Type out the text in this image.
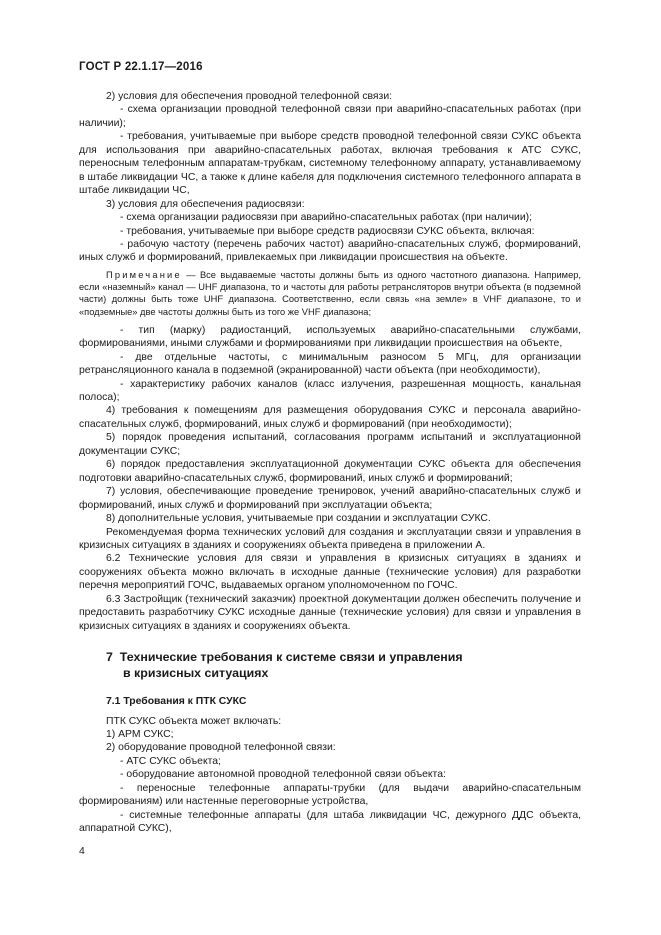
ГОСТ Р 22.1.17—2016

2) условия для обеспечения проводной телефонной связи:

- схема организации проводной телефонной связи при аварийно-спасательных работах (при наличии);

- требования, учитываемые при выборе средств проводной телефонной связи СУКС объекта для использования при аварийно-спасательных работах, включая требования к АТС СУКС, переносным телефонным аппаратам-трубкам, системному телефонному аппарату, устанавливаемому в штабе ликвидации ЧС, а также к длине кабеля для подключения системного телефонного аппарата в штабе ликвидации ЧС,

3) условия для обеспечения радиосвязи:

- схема организации радиосвязи при аварийно-спасательных работах (при наличии);

- требования, учитываемые при выборе средств радиосвязи СУКС объекта, включая:

- рабочую частоту (перечень рабочих частот) аварийно-спасательных служб, формирований, иных служб и формирований, привлекаемых при ликвидации происшествия на объекте.

Примечание — Все выдаваемые частоты должны быть из одного частотного диапазона. Например, если «наземный» канал — UHF диапазона, то и частоты для работы ретрансляторов внутри объекта (в подземной части) должны быть тоже UHF диапазона. Соответственно, если связь «на земле» в VHF диапазоне, то и «подземные» две частоты должны быть из того же VHF диапазона;

- тип (марку) радиостанций, используемых аварийно-спасательными службами, формированиями, иными службами и формированиями при ликвидации происшествия на объекте,

- две отдельные частоты, с минимальным разносом 5 МГц, для организации ретрансляционного канала в подземной (экранированной) части объекта (при необходимости),

- характеристику рабочих каналов (класс излучения, разрешенная мощность, канальная полоса);

4) требования к помещениям для размещения оборудования СУКС и персонала аварийно-спасательных служб, формирований, иных служб и формирований (при необходимости);

5) порядок проведения испытаний, согласования программ испытаний и эксплуатационной документации СУКС;

6) порядок предоставления эксплуатационной документации СУКС объекта для обеспечения подготовки аварийно-спасательных служб, формирований, иных служб и формирований;

7) условия, обеспечивающие проведение тренировок, учений аварийно-спасательных служб и формирований, иных служб и формирований при эксплуатации объекта;

8) дополнительные условия, учитываемые при создании и эксплуатации СУКС.

Рекомендуемая форма технических условий для создания и эксплуатации связи и управления в кризисных ситуациях в зданиях и сооружениях объекта приведена в приложении А.

6.2 Технические условия для связи и управления в кризисных ситуациях в зданиях и сооружениях объекта можно включать в исходные данные (технические условия) для разработки перечня мероприятий ГОЧС, выдаваемых органом уполномоченном по ГОЧС.

6.3 Застройщик (технический заказчик) проектной документации должен обеспечить получение и предоставить разработчику СУКС исходные данные (технические условия) для связи и управления в кризисных ситуациях в зданиях и сооружениях объекта.

7 Технические требования к системе связи и управления
в кризисных ситуациях

7.1 Требования к ПТК СУКС

ПТК СУКС объекта может включать:

1) АРМ СУКС;

2) оборудование проводной телефонной связи:

- АТС СУКС объекта;

- оборудование автономной проводной телефонной связи объекта:

- переносные телефонные аппараты-трубки (для выдачи аварийно-спасательным формированиям) или настенные переговорные устройства,

- системные телефонные аппараты (для штаба ликвидации ЧС, дежурного ДДС объекта, аппаратной СУКС),

4
